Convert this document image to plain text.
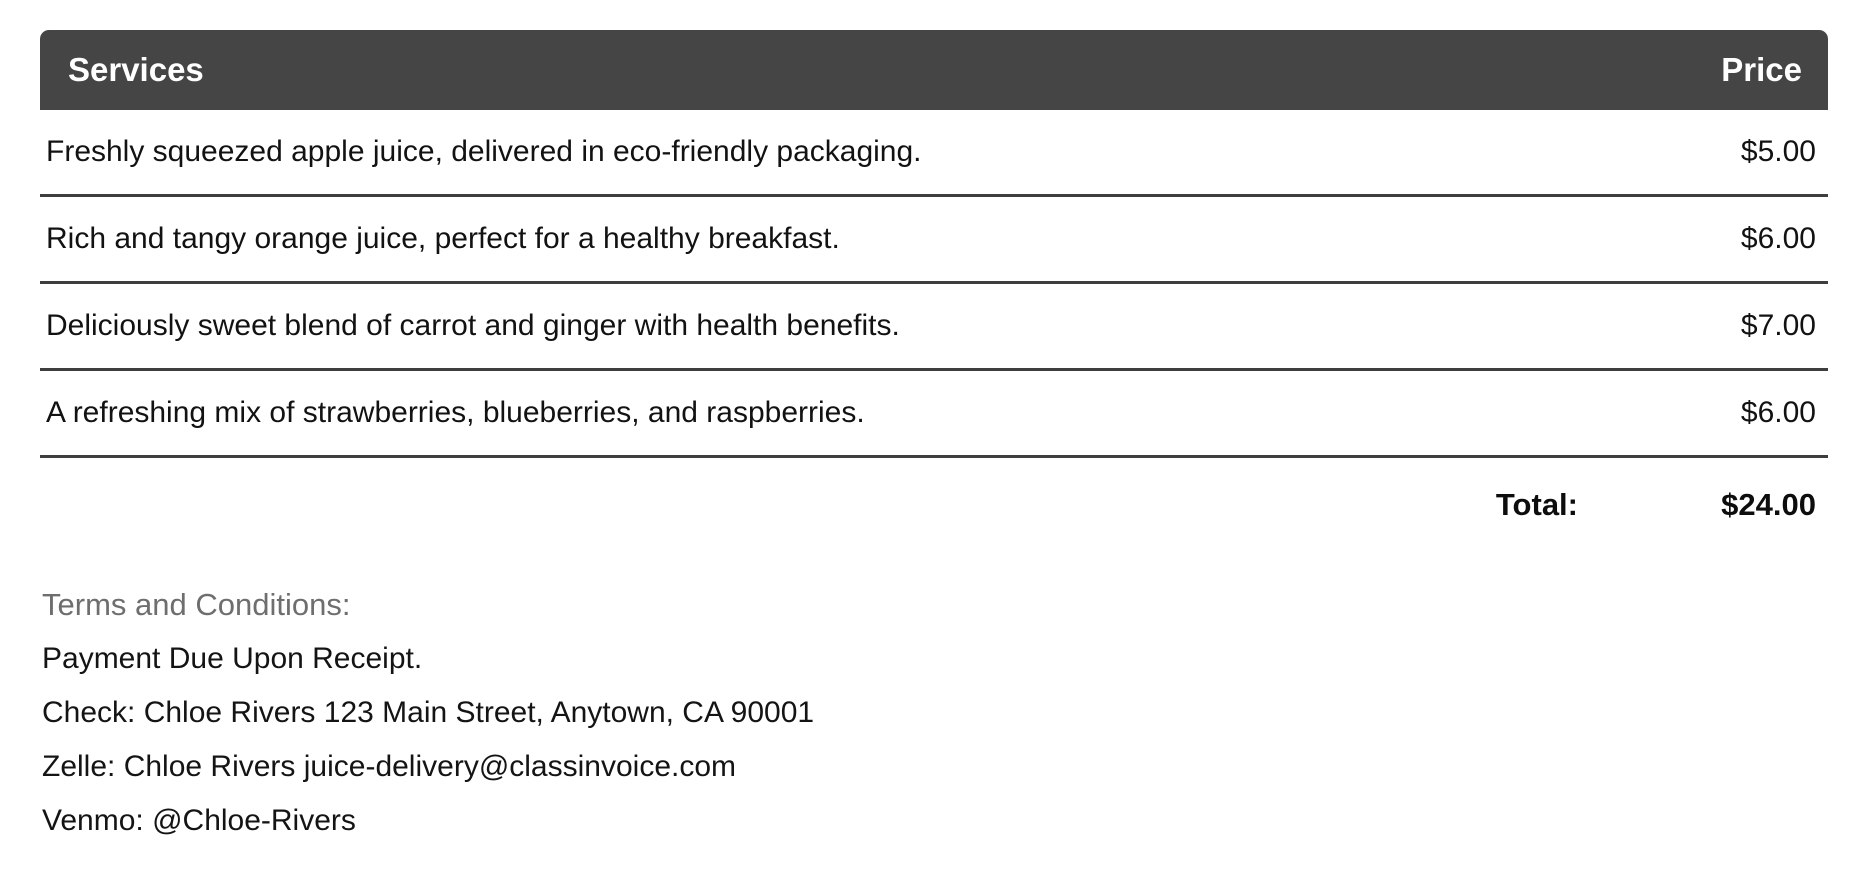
Services	Price
Freshly squeezed apple juice, delivered in eco-friendly packaging.	$5.00
Rich and tangy orange juice, perfect for a healthy breakfast.	$6.00
Deliciously sweet blend of carrot and ginger with health benefits.	$7.00
A refreshing mix of strawberries, blueberries, and raspberries.	$6.00
Total:	$24.00
Terms and Conditions:
Payment Due Upon Receipt.
Check: Chloe Rivers 123 Main Street, Anytown, CA 90001
Zelle: Chloe Rivers juice-delivery@classinvoice.com
Venmo: @Chloe-Rivers
